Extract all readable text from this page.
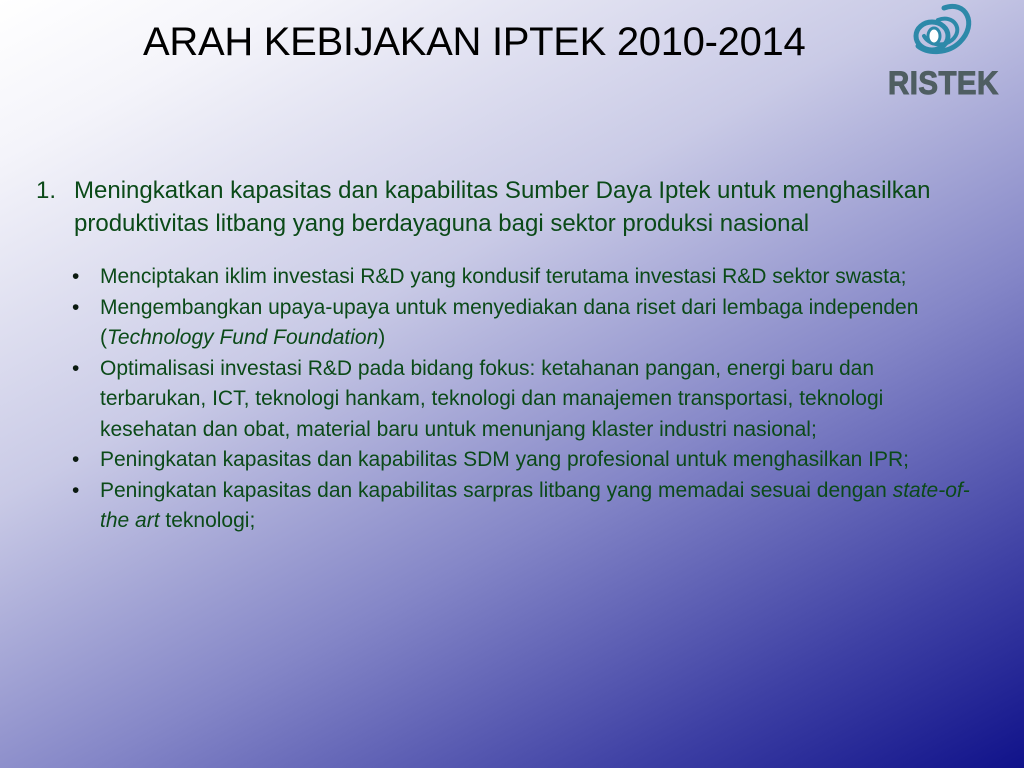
ARAH KEBIJAKAN IPTEK 2010-2014
RISTEK
1. Meningkatkan kapasitas dan kapabilitas Sumber Daya Iptek untuk menghasilkan produktivitas litbang yang berdayaguna bagi sektor produksi nasional
• Menciptakan iklim investasi R&D yang kondusif terutama investasi R&D sektor swasta;
• Mengembangkan upaya-upaya untuk menyediakan dana riset dari lembaga independen (Technology Fund Foundation)
• Optimalisasi investasi R&D pada bidang fokus: ketahanan pangan, energi baru dan terbarukan, ICT, teknologi hankam, teknologi dan manajemen transportasi, teknologi kesehatan dan obat, material baru untuk menunjang klaster industri nasional;
• Peningkatan kapasitas dan kapabilitas SDM yang profesional untuk menghasilkan IPR;
• Peningkatan kapasitas dan kapabilitas sarpras litbang yang memadai sesuai dengan state-of-the art teknologi;
